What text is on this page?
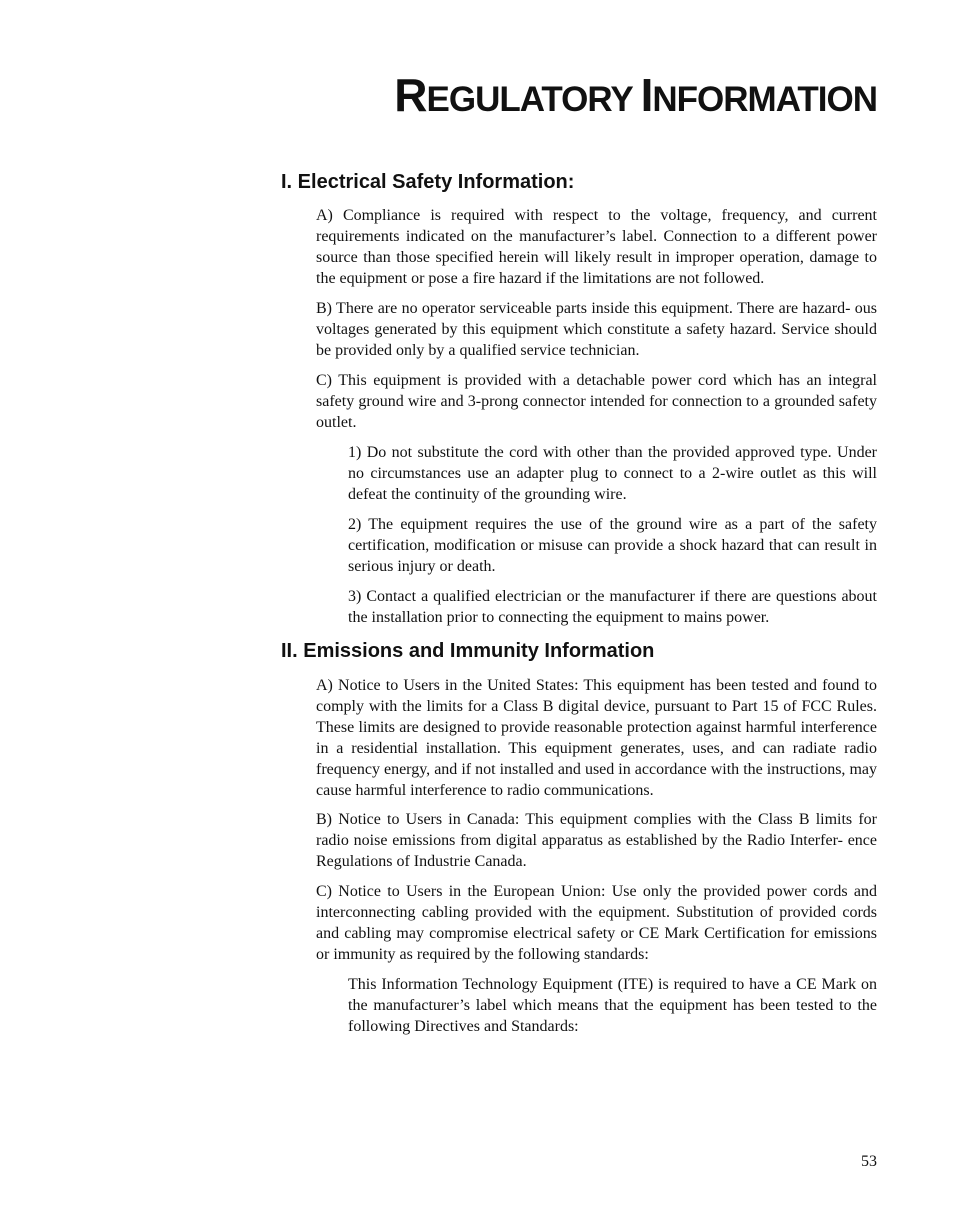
REGULATORY INFORMATION
I. Electrical Safety Information:

A) Compliance is required with respect to the voltage, frequency, and current requirements indicated on the manufacturer’s label. Connection to a different power source than those specified herein will likely result in improper operation, damage to the equipment or pose a fire hazard if the limitations are not followed.

B) There are no operator serviceable parts inside this equipment. There are hazard- ous voltages generated by this equipment which constitute a safety hazard. Service should be provided only by a qualified service technician.

C) This equipment is provided with a detachable power cord which has an integral safety ground wire and 3-prong connector intended for connection to a grounded safety outlet.

1) Do not substitute the cord with other than the provided approved type. Under no circumstances use an adapter plug to connect to a 2-wire outlet as this will defeat the continuity of the grounding wire.

2) The equipment requires the use of the ground wire as a part of the safety certification, modification or misuse can provide a shock hazard that can result in serious injury or death.

3) Contact a qualified electrician or the manufacturer if there are questions about the installation prior to connecting the equipment to mains power.

II. Emissions and Immunity Information

A) Notice to Users in the United States: This equipment has been tested and found to comply with the limits for a Class B digital device, pursuant to Part 15 of FCC Rules. These limits are designed to provide reasonable protection against harmful interference in a residential installation. This equipment generates, uses, and can radiate radio frequency energy, and if not installed and used in accordance with the instructions, may cause harmful interference to radio communications.

B) Notice to Users in Canada: This equipment complies with the Class B limits for radio noise emissions from digital apparatus as established by the Radio Interfer- ence Regulations of Industrie Canada.

C) Notice to Users in the European Union: Use only the provided power cords and interconnecting cabling provided with the equipment. Substitution of provided cords and cabling may compromise electrical safety or CE Mark Certification for emissions or immunity as required by the following standards:

This Information Technology Equipment (ITE) is required to have a CE Mark on the manufacturer’s label which means that the equipment has been tested to the following Directives and Standards:

53
